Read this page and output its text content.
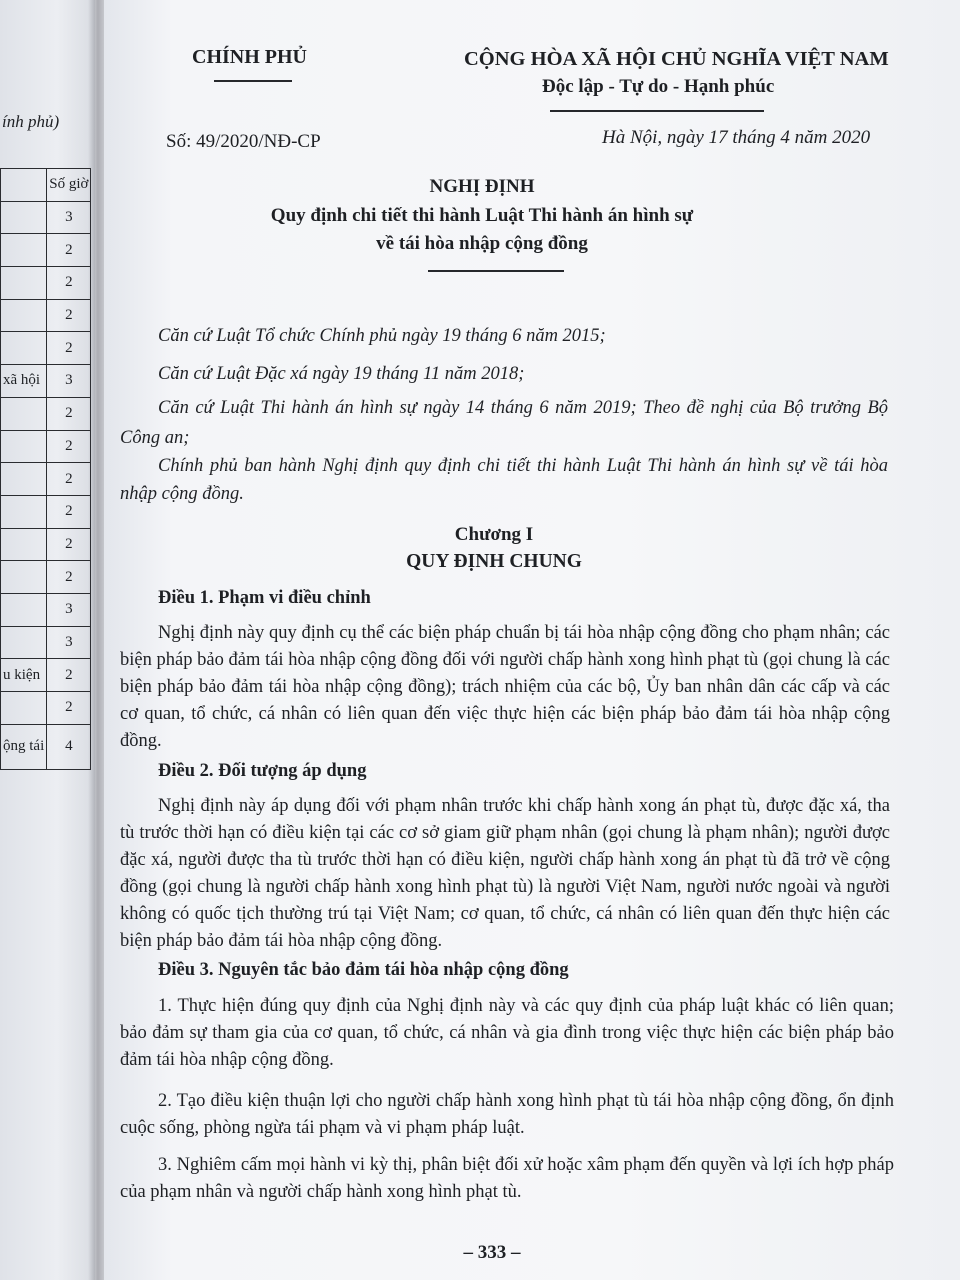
ính phủ)
	Số giờ
	3
	2
	2
	2
	2
xã hội	3
	2
	2
	2
	2
	2
	2
	3
	3
u kiện	2
	2
ộng tái	4
CHÍNH PHỦ
Số: 49/2020/NĐ-CP
CỘNG HÒA XÃ HỘI CHỦ NGHĨA VIỆT NAM
Độc lập - Tự do - Hạnh phúc
Hà Nội, ngày 17 tháng 4 năm 2020
NGHỊ ĐỊNH
Quy định chi tiết thi hành Luật Thi hành án hình sự
về tái hòa nhập cộng đồng
Căn cứ Luật Tổ chức Chính phủ ngày 19 tháng 6 năm 2015;
Căn cứ Luật Đặc xá ngày 19 tháng 11 năm 2018;
Căn cứ Luật Thi hành án hình sự ngày 14 tháng 6 năm 2019; Theo đề nghị của Bộ trưởng Bộ Công an;
Chính phủ ban hành Nghị định quy định chi tiết thi hành Luật Thi hành án hình sự về tái hòa nhập cộng đồng.
Chương I
QUY ĐỊNH CHUNG
Điều 1. Phạm vi điều chỉnh
Nghị định này quy định cụ thể các biện pháp chuẩn bị tái hòa nhập cộng đồng cho phạm nhân; các biện pháp bảo đảm tái hòa nhập cộng đồng đối với người chấp hành xong hình phạt tù (gọi chung là các biện pháp bảo đảm tái hòa nhập cộng đồng); trách nhiệm của các bộ, Ủy ban nhân dân các cấp và các cơ quan, tổ chức, cá nhân có liên quan đến việc thực hiện các biện pháp bảo đảm tái hòa nhập cộng đồng.
Điều 2. Đối tượng áp dụng
Nghị định này áp dụng đối với phạm nhân trước khi chấp hành xong án phạt tù, được đặc xá, tha tù trước thời hạn có điều kiện tại các cơ sở giam giữ phạm nhân (gọi chung là phạm nhân); người được đặc xá, người được tha tù trước thời hạn có điều kiện, người chấp hành xong án phạt tù đã trở về cộng đồng (gọi chung là người chấp hành xong hình phạt tù) là người Việt Nam, người nước ngoài và người không có quốc tịch thường trú tại Việt Nam; cơ quan, tổ chức, cá nhân có liên quan đến thực hiện các biện pháp bảo đảm tái hòa nhập cộng đồng.
Điều 3. Nguyên tắc bảo đảm tái hòa nhập cộng đồng
1. Thực hiện đúng quy định của Nghị định này và các quy định của pháp luật khác có liên quan; bảo đảm sự tham gia của cơ quan, tổ chức, cá nhân và gia đình trong việc thực hiện các biện pháp bảo đảm tái hòa nhập cộng đồng.
2. Tạo điều kiện thuận lợi cho người chấp hành xong hình phạt tù tái hòa nhập cộng đồng, ổn định cuộc sống, phòng ngừa tái phạm và vi phạm pháp luật.
3. Nghiêm cấm mọi hành vi kỳ thị, phân biệt đối xử hoặc xâm phạm đến quyền và lợi ích hợp pháp của phạm nhân và người chấp hành xong hình phạt tù.
– 333 –
